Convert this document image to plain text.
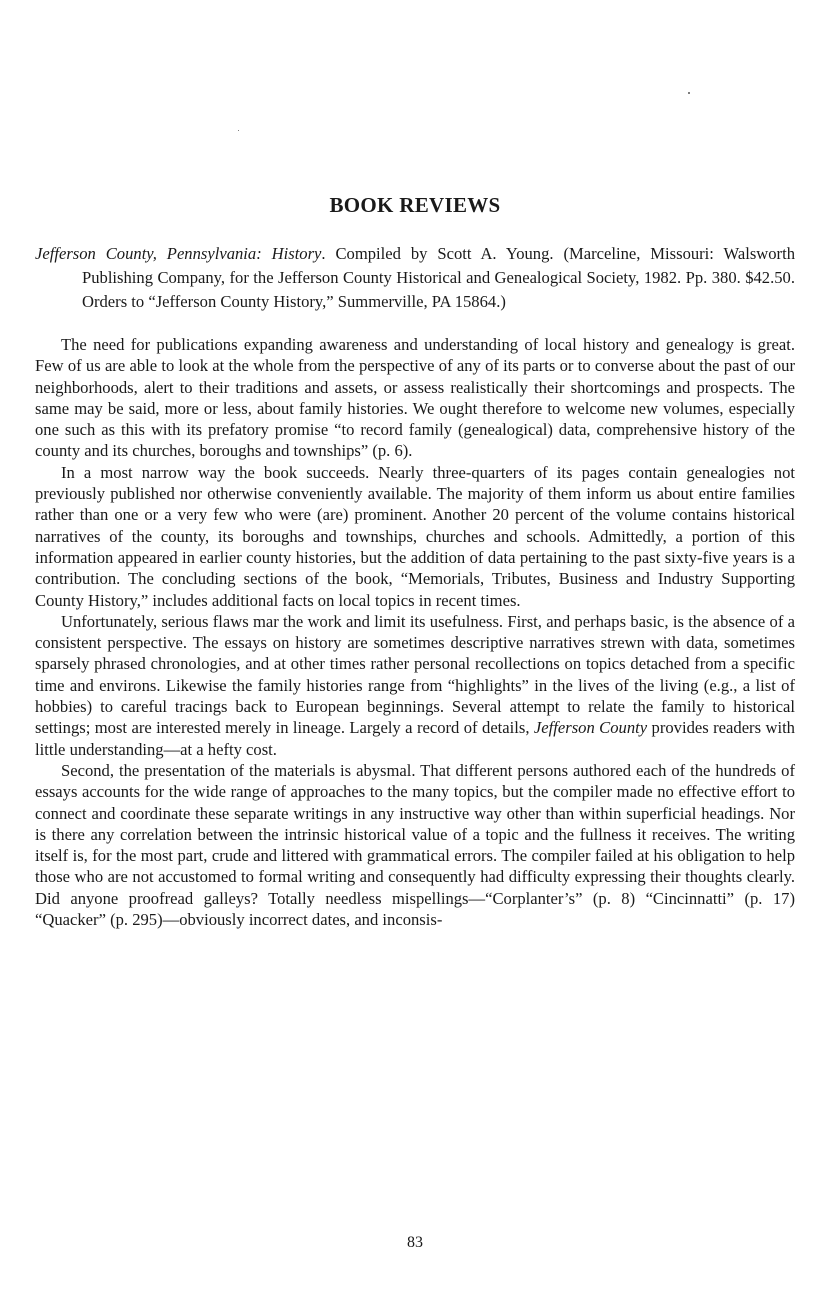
BOOK REVIEWS
Jefferson County, Pennsylvania: History. Compiled by Scott A. Young. (Marceline, Missouri: Walsworth Publishing Company, for the Jefferson County Historical and Genealogical Society, 1982. Pp. 380. $42.50. Orders to “Jefferson County History,” Summerville, PA 15864.)

The need for publications expanding awareness and understanding of local history and genealogy is great. Few of us are able to look at the whole from the perspective of any of its parts or to converse about the past of our neighborhoods, alert to their traditions and assets, or assess realistically their shortcomings and prospects. The same may be said, more or less, about family histories. We ought therefore to welcome new volumes, especially one such as this with its prefatory promise “to record family (genealogical) data, comprehensive history of the county and its churches, boroughs and townships” (p. 6).

In a most narrow way the book succeeds. Nearly three-quarters of its pages contain genealogies not previously published nor otherwise conveniently available. The majority of them inform us about entire families rather than one or a very few who were (are) prominent. Another 20 percent of the volume contains historical narratives of the county, its boroughs and townships, churches and schools. Admittedly, a portion of this information appeared in earlier county histories, but the addition of data pertaining to the past sixty-five years is a contribution. The concluding sections of the book, “Memorials, Tributes, Business and Industry Supporting County History,” includes additional facts on local topics in recent times.

Unfortunately, serious flaws mar the work and limit its usefulness. First, and perhaps basic, is the absence of a consistent perspective. The essays on history are sometimes descriptive narratives strewn with data, sometimes sparsely phrased chronologies, and at other times rather personal recollections on topics detached from a specific time and environs. Likewise the family histories range from “highlights” in the lives of the living (e.g., a list of hobbies) to careful tracings back to European beginnings. Several attempt to relate the family to historical settings; most are interested merely in lineage. Largely a record of details, Jefferson County provides readers with little understanding—at a hefty cost.

Second, the presentation of the materials is abysmal. That different persons authored each of the hundreds of essays accounts for the wide range of approaches to the many topics, but the compiler made no effective effort to connect and coordinate these separate writings in any instructive way other than within superficial headings. Nor is there any correlation between the intrinsic historical value of a topic and the fullness it receives. The writing itself is, for the most part, crude and littered with grammatical errors. The compiler failed at his obligation to help those who are not accustomed to formal writing and consequently had difficulty expressing their thoughts clearly. Did anyone proofread galleys? Totally needless mispellings—“Corplanter’s” (p. 8) “Cincinnatti” (p. 17) “Quacker” (p. 295)—obviously incorrect dates, and inconsis-

83
